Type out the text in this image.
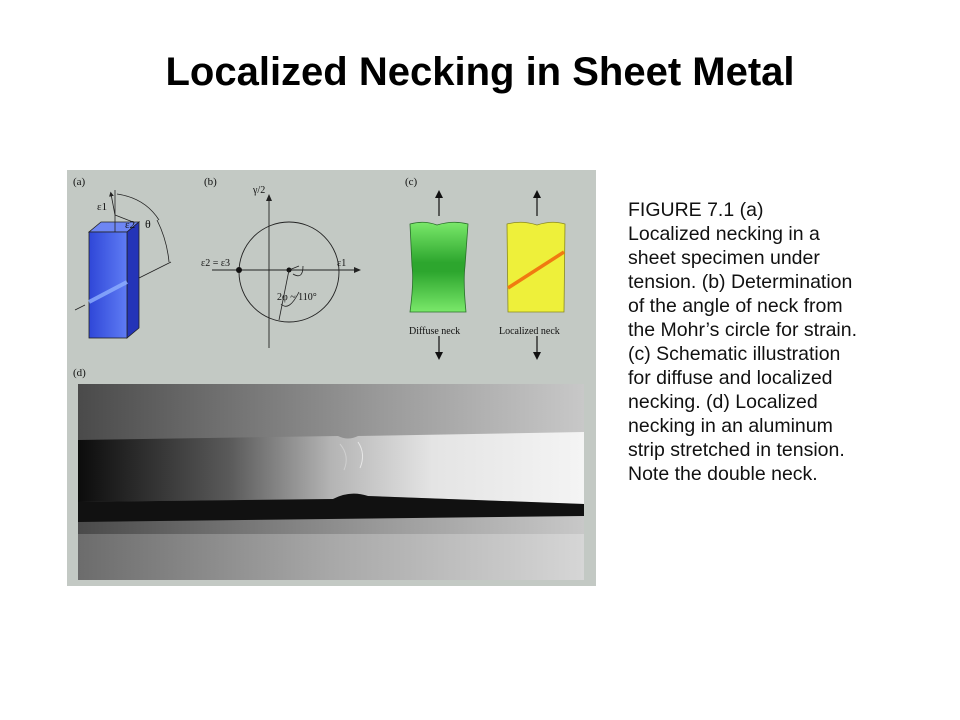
Localized Necking in Sheet Metal
(a)	(b)	(c)
(d)
ε1
ε2 θ
γ/2
ε2 = ε3	ε1
2φ ~ 110°
Diffuse neck	Localized neck
FIGURE 7.1 (a)
Localized necking in a
sheet specimen under
tension. (b) Determination
of the angle of neck from
the Mohr’s circle for strain.
(c) Schematic illustration
for diffuse and localized
necking. (d) Localized
necking in an aluminum
strip stretched in tension.
Note the double neck.
